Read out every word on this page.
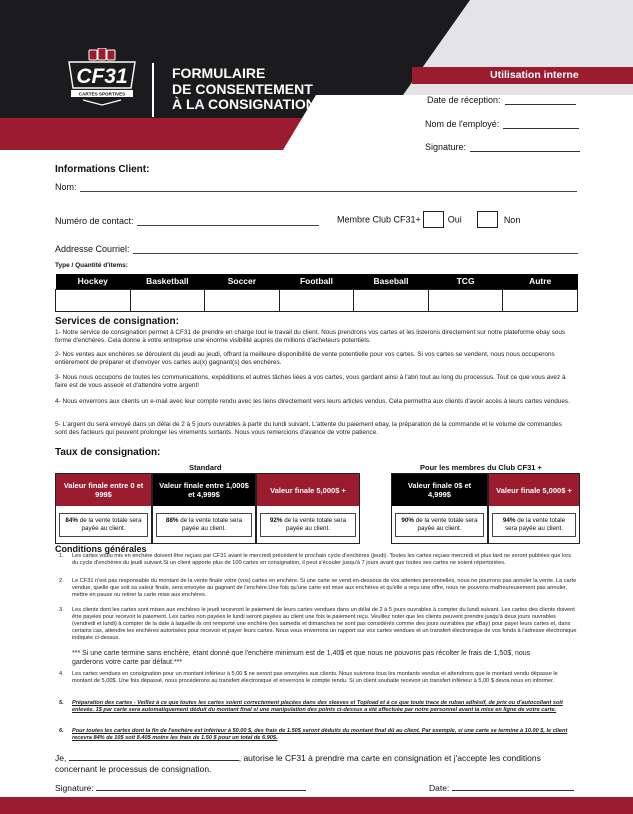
CF31
CARTES SPORTIVES
FORMULAIRE
DE CONSENTEMENT
À LA CONSIGNATION
Utilisation interne
Date de réception:
Nom de l'employé:
Signature:
Informations Client:
Nom:
Numéro de contact:	Membre Club CF31+	Oui	Non
Addresse Courriel:
Type / Quantité d'items:
Hockey	Basketball	Soccer	Football	Baseball	TCG	Autre

Services de consignation:
1- Notre service de consignation permet à CF31 de prendre en charge tout le travail du client. Nous prendrons vos cartes et les listerons directement sur notre plateforme ebay sous forme d'enchères. Cela donne à votre entreprise une énorme visibilité auprès de millions d'acheteurs potentiels.
2- Nos ventes aux enchères se déroulent du jeudi au jeudi, offrant la meilleure disponibilité de vente potentielle pour vos cartes. Si vos cartes se vendent, nous nous occuperons entièrement de préparer et d'envoyer vos cartes au(x) gagnant(s) des enchères.
3- Nous nous occupons de toutes les communications, expéditions et autres tâches liées à vos cartes, vous gardant ainsi à l'abri tout au long du processus. Tout ce que vous avez à faire est de vous asseoir et d'attendre votre argent!
4- Nous enverrons aux clients un e-mail avec leur compte rendu avec les liens directement vers leurs articles vendus. Cela permettra aux clients d'avoir accès à leurs cartes vendues.
5- L'argent du sera envoyé dans un délai de 2 à 5 jours ouvrables à partir du lundi suivant. L'attente du paiement ebay, la préparation de la commande et le volume de commandes sont des facteurs qui peuvent prolonger les virements sortants. Nous vous remercions d'avance de votre patience.
Taux de consignation:
Standard	Pour les membres du Club CF31 +
Valeur finale entre 0 et 999$
84% de la vente totale sera payée au client.
Valeur finale entre 1,000$ et 4,999$
88% de la vente totale sera payée au client.
Valeur finale 5,000$ +
92% de la vente totale sera payée au client.
Valeur finale 0$ et 4,999$
90% de la vente totale sera payée au client.
Valeur finale 5,000$ +
94% de la vente totale sera payée au client.
Conditions générales
1. Les cartes voulu mis en enchère doivent être reçues par CF31 avant le mercredi précédent le prochain cycle d'enchères (jeudi). Toutes les cartes reçues mercredi et plus tard ne seront publiées que lors du cycle d'enchères du jeudi suivant.Si un client apporte plus de 100 cartes en consignation, il peut s'écouler jusqu'à 7 jours avant que toutes ses cartes ne soient répertoriées.
2. Le CF31 n'est pas responsable du montant de la vente finale votre (vos) cartes en enchère. Si une carte se vend en-dessous de vos attentes personnelles, nous ne pourrons pas annuler la vente. La carte vendue, quelle que soit sa valeur finale, sera envoyée au gagnant de l'enchère.Une fois qu'une carte est mise aux enchères et qu'elle a reçu une offre, nous ne pouvons malheureusement pas annuler, mettre en pause ou retirer la carte mise aux enchères.
3. Les clients dont les cartes sont mises aux enchères le jeudi recevront le paiement de leurs cartes vendues dans un délai de 2 à 5 jours ouvrables à compter du lundi suivant. Les cartes des clients doivent être payées pour recevoir le paiement. Les cartes non payées le lundi seront payées au client une fois le paiement reçu. Veuillez noter que les clients peuvent prendre jusqu'à deux jours ouvrables (vendredi et lundi) à compter de la date à laquelle ils ont remporté une enchère (les samedis et dimanches ne sont pas considérés comme des jours ouvrables par eBay) pour payer leurs cartes et, dans certains cas, attendre les enchères autorisées pour recevoir et payer leurs cartes. Nous vous enverrons un rapport sur vos cartes vendues et un transfert électronique de vos fonds à l'adresse électronique indiquée ci-dessus.
*** Si une carte termine sans enchère, étant donné que l'enchère minimum est de 1,40$ et que nous ne pouvons pas récolter le frais de 1,50$, nous garderons votre carte par défaut.***
4. Les cartes vendues en consignation pour un montant inférieur à 5,00 $ ne seront pas envoyées aux clients. Nous suivrons tous les montants vendus et attendrons que le montant vendu dépasse le montant de 5,00$. Une fois dépassé, nous procéderons au transfert électronique et enverrons le compte rendu. Si un client souhaite recevoir un transfert inférieur à 5,00 $ devra nous en informer.
5. Préparation des cartes - Veillez à ce que toutes les cartes soient correctement placées dans des sleeves et Topload et à ce que toute trace de ruban adhésif, de prix ou d'autocollant soit enlevée. 1$ par carte sera automatiquement déduit du montant final si une manipulation des points ci-dessus a été effectuée par notre personnel avant la mise en ligne de votre carte.
6. Pour toutes les cartes dont la fin de l'enchère est inférieur à 50.00 $, des frais de 1.50$ seront déduits du montant final dû au client. Par exemple, si une carte se termine à 10.00 $, le client recevra 84% de 10$ soit 8.40$ moins les frais de 1.50 $ pour un total de 6.90$.
Je,	, autorise le CF31 à prendre ma carte en consignation et j'accepte les conditions concernant le processus de consignation.
Signature:	Date:
